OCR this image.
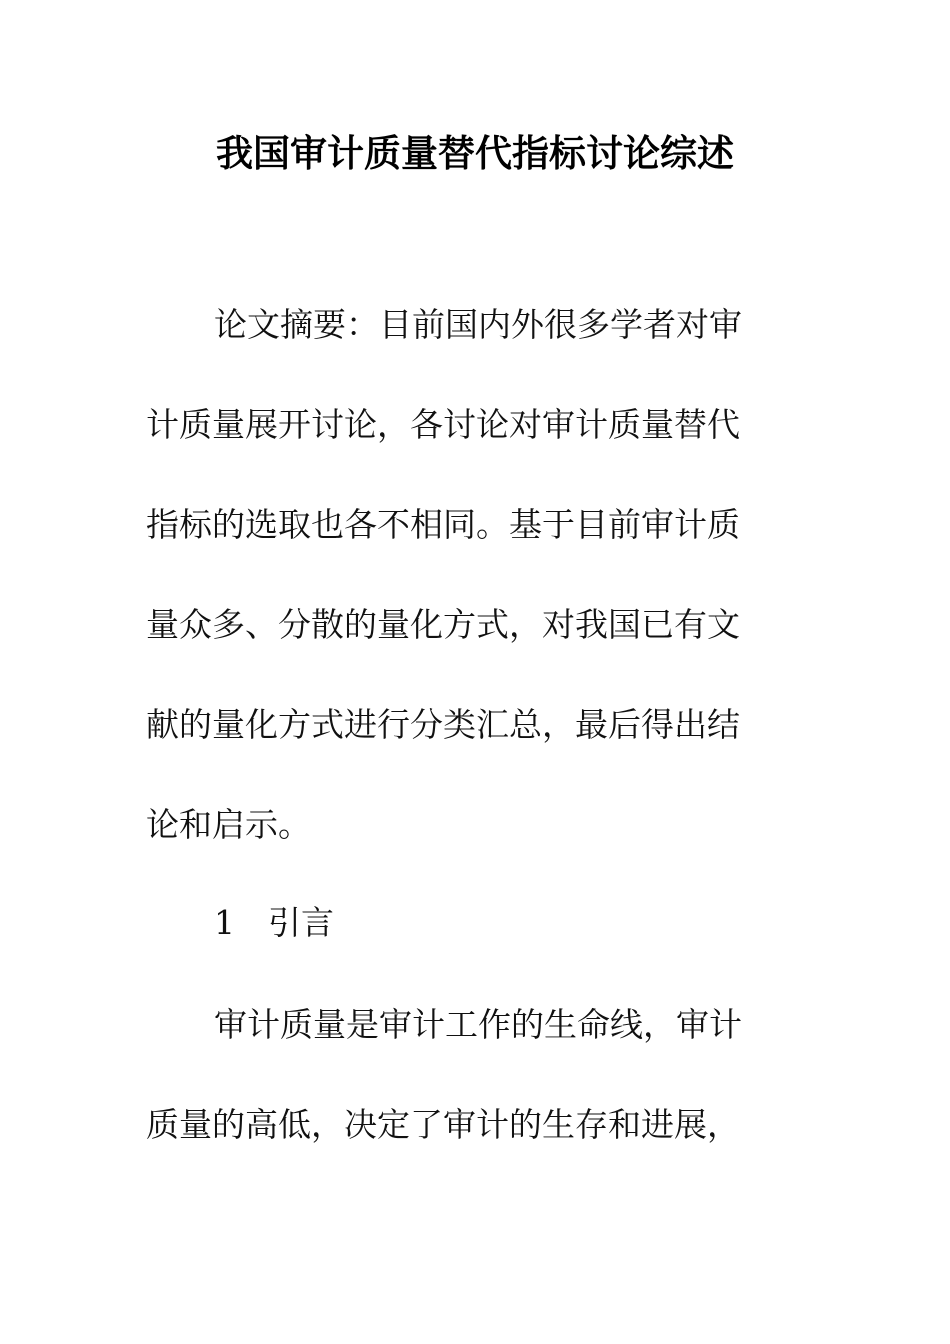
我国审计质量替代指标讨论综述
论文摘要：目前国内外很多学者对审
计质量展开讨论，各讨论对审计质量替代
指标的选取也各不相同。基于目前审计质
量众多、分散的量化方式，对我国已有文
献的量化方式进行分类汇总，最后得出结
论和启示。
1	引言
审计质量是审计工作的生命线，审计
质量的高低，决定了审计的生存和进展，
